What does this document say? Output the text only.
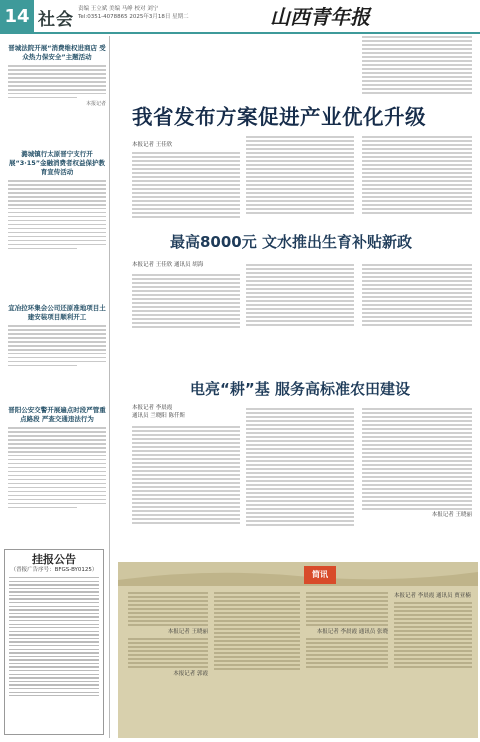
14 社会
责编 王立斌 美编 马峥 校对 刘宁
Tel:0351-4078865 2025年3月18日 星期二	山西青年报
晋城法院开展“消费维权进商店 受众热力保安全”主题活动
本报记者
潞城镇行太原晋宁支行开展“3·15”金融消费者权益保护教育宣传活动
宜冶拉环集会公司还原准地项目土建安装项目顺利开工
晋阳公安交警开展遍点时段严管重点路段 严查交通违法行为
挂报公告
（晋报广告序号：BFGS-BY0125）
我省发布方案促进产业优化升级
本报记者 王佳欣
最高8000元 文水推出生育补贴新政
本报记者 王佳欣 通讯员 胡海
电亮“耕”基 服务高标准农田建设
本报记者 李晨霞
通讯员 兰晓阳 陈仟斯
本报记者 王晓丽
简讯
本报记者 王晓丽
本报记者 郭霞
本报记者 李晨霞 通讯员 张晓
本报记者 李晨霞 通讯员 贾亚楠
